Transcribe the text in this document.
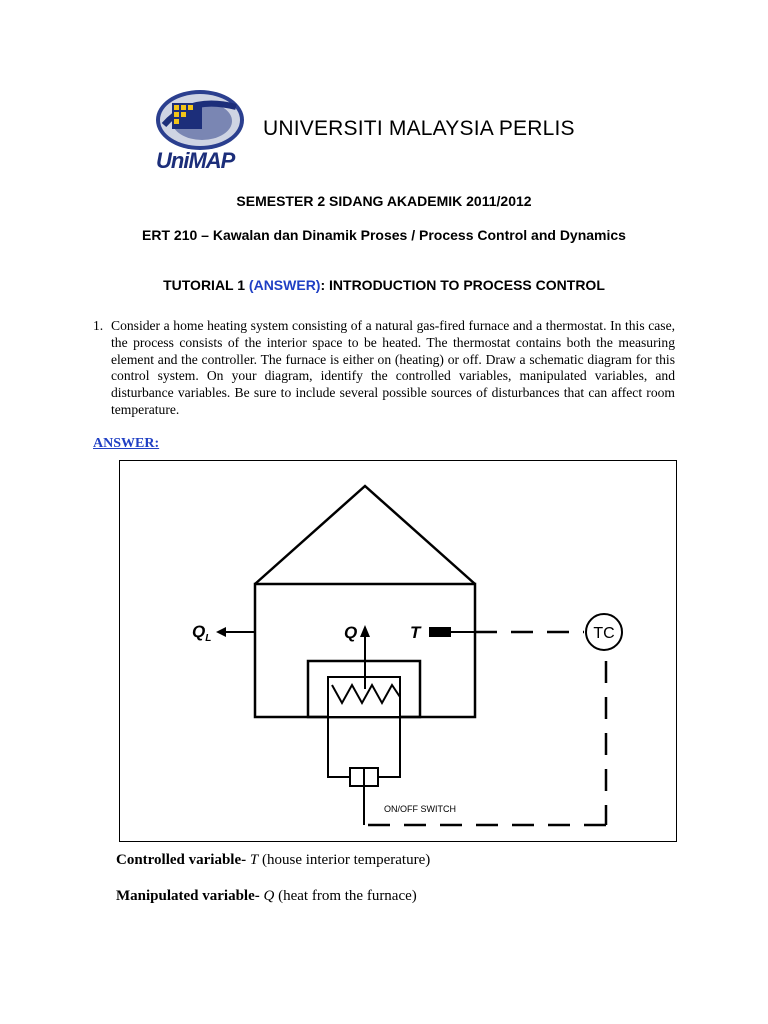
UniMAP
UNIVERSITI MALAYSIA PERLIS

SEMESTER 2 SIDANG AKADEMIK 2011/2012

ERT 210 – Kawalan dan Dinamik Proses / Process Control and Dynamics

TUTORIAL 1 (ANSWER): INTRODUCTION TO PROCESS CONTROL

1. Consider a home heating system consisting of a natural gas-fired furnace and a thermostat. In this case, the process consists of the interior space to be heated. The thermostat contains both the measuring element and the controller. The furnace is either on (heating) or off. Draw a schematic diagram for this control system. On your diagram, identify the controlled variables, manipulated variables, and disturbance variables. Be sure to include several possible sources of disturbances that can affect room temperature.

ANSWER:

$Q_L$	Q	T	TC
ON/OFF SWITCH

Controlled variable- T (house interior temperature)

Manipulated variable- Q (heat from the furnace)
